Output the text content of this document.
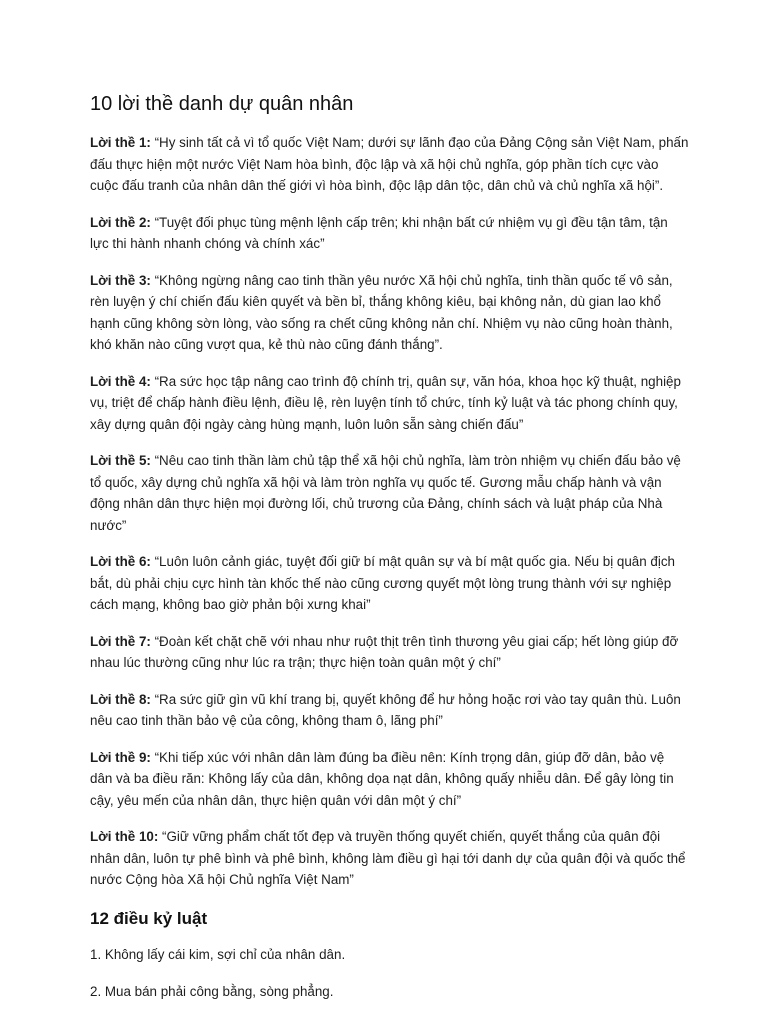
10 lời thề danh dự quân nhân

Lời thề 1: “Hy sinh tất cả vì tổ quốc Việt Nam; dưới sự lãnh đạo của Đảng Cộng sản Việt Nam, phấn đấu thực hiện một nước Việt Nam hòa bình, độc lập và xã hội chủ nghĩa, góp phần tích cực vào cuộc đấu tranh của nhân dân thế giới vì hòa bình, độc lập dân tộc, dân chủ và chủ nghĩa xã hội”.

Lời thề 2: “Tuyệt đối phục tùng mệnh lệnh cấp trên; khi nhận bất cứ nhiệm vụ gì đều tận tâm, tận lực thi hành nhanh chóng và chính xác”

Lời thề 3: “Không ngừng nâng cao tinh thần yêu nước Xã hội chủ nghĩa, tinh thần quốc tế vô sản, rèn luyện ý chí chiến đấu kiên quyết và bền bỉ, thắng không kiêu, bại không nản, dù gian lao khổ hạnh cũng không sờn lòng, vào sống ra chết cũng không nản chí. Nhiệm vụ nào cũng hoàn thành, khó khăn nào cũng vượt qua, kẻ thù nào cũng đánh thắng”.

Lời thề 4: “Ra sức học tập nâng cao trình độ chính trị, quân sự, văn hóa, khoa học kỹ thuật, nghiệp vụ, triệt để chấp hành điều lệnh, điều lệ, rèn luyện tính tổ chức, tính kỷ luật và tác phong chính quy, xây dựng quân đội ngày càng hùng mạnh, luôn luôn sẵn sàng chiến đấu”

Lời thề 5: “Nêu cao tinh thần làm chủ tập thể xã hội chủ nghĩa, làm tròn nhiệm vụ chiến đấu bảo vệ tổ quốc, xây dựng chủ nghĩa xã hội và làm tròn nghĩa vụ quốc tế. Gương mẫu chấp hành và vận động nhân dân thực hiện mọi đường lối, chủ trương của Đảng, chính sách và luật pháp của Nhà nước”

Lời thề 6: “Luôn luôn cảnh giác, tuyệt đối giữ bí mật quân sự và bí mật quốc gia. Nếu bị quân địch bắt, dù phải chịu cực hình tàn khốc thế nào cũng cương quyết một lòng trung thành với sự nghiệp cách mạng, không bao giờ phản bội xưng khai”

Lời thề 7: “Đoàn kết chặt chẽ với nhau như ruột thịt trên tình thương yêu giai cấp; hết lòng giúp đỡ nhau lúc thường cũng như lúc ra trận; thực hiện toàn quân một ý chí”

Lời thề 8: “Ra sức giữ gìn vũ khí trang bị, quyết không để hư hỏng hoặc rơi vào tay quân thù. Luôn nêu cao tinh thần bảo vệ của công, không tham ô, lãng phí”

Lời thề 9: “Khi tiếp xúc với nhân dân làm đúng ba điều nên: Kính trọng dân, giúp đỡ dân, bảo vệ dân và ba điều răn: Không lấy của dân, không dọa nạt dân, không quấy nhiễu dân. Để gây lòng tin cậy, yêu mến của nhân dân, thực hiện quân với dân một ý chí”

Lời thề 10: “Giữ vững phẩm chất tốt đẹp và truyền thống quyết chiến, quyết thắng của quân đội nhân dân, luôn tự phê bình và phê bình, không làm điều gì hại tới danh dự của quân đội và quốc thể nước Cộng hòa Xã hội Chủ nghĩa Việt Nam”

12 điều kỷ luật

1. Không lấy cái kim, sợi chỉ của nhân dân.

2. Mua bán phải công bằng, sòng phẳng.
